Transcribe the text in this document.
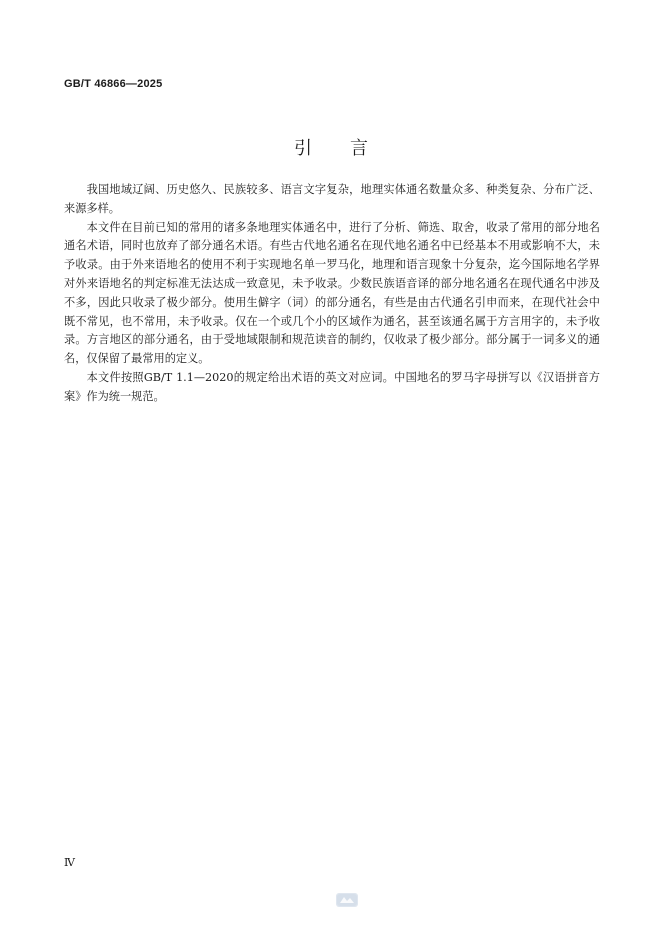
GB/T 46866—2025
引言

我国地域辽阔、历史悠久、民族较多、语言文字复杂，地理实体通名数量众多、种类复杂、分布广泛、来源多样。

本文件在目前已知的常用的诸多条地理实体通名中，进行了分析、筛选、取舍，收录了常用的部分地名通名术语，同时也放弃了部分通名术语。有些古代地名通名在现代地名通名中已经基本不用或影响不大，未予收录。由于外来语地名的使用不利于实现地名单一罗马化，地理和语言现象十分复杂，迄今国际地名学界对外来语地名的判定标准无法达成一致意见，未予收录。少数民族语音译的部分地名通名在现代通名中涉及不多，因此只收录了极少部分。使用生僻字（词）的部分通名，有些是由古代通名引申而来，在现代社会中既不常见，也不常用，未予收录。仅在一个或几个小的区域作为通名，甚至该通名属于方言用字的，未予收录。方言地区的部分通名，由于受地域限制和规范读音的制约，仅收录了极少部分。部分属于一词多义的通名，仅保留了最常用的定义。

本文件按照GB/T 1.1—2020的规定给出术语的英文对应词。中国地名的罗马字母拼写以《汉语拼音方案》作为统一规范。

Ⅳ
